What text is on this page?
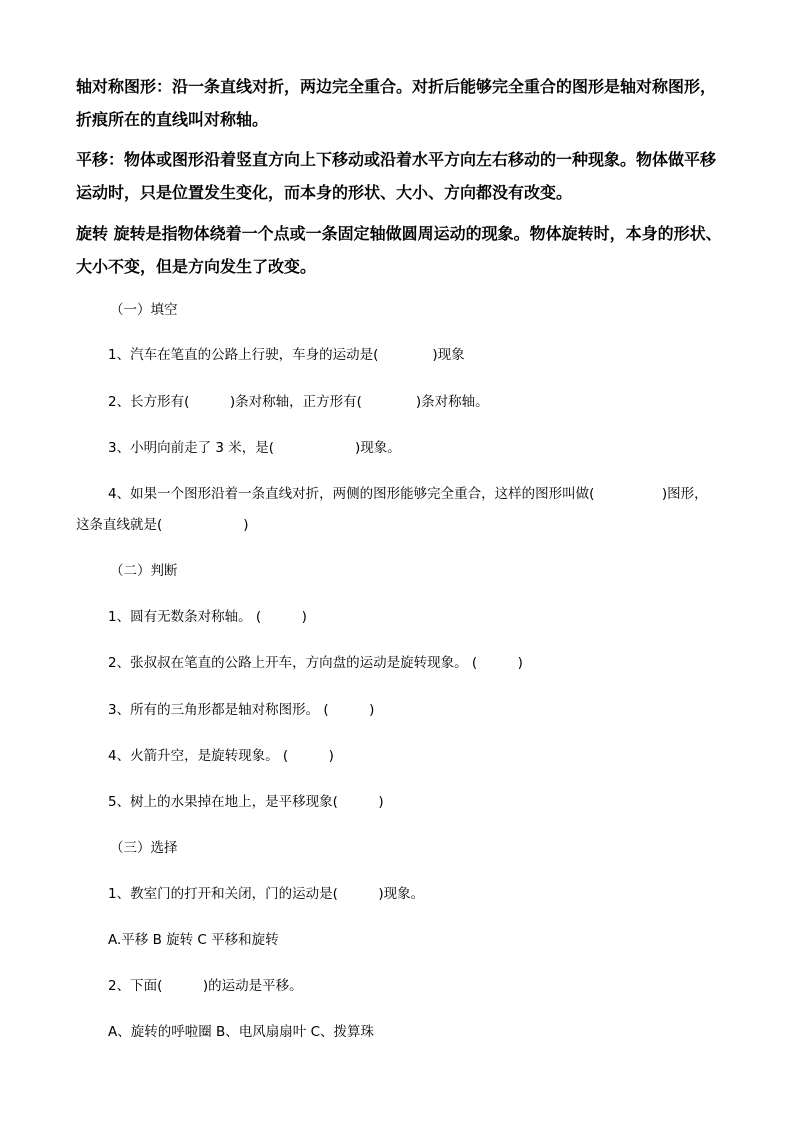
轴对称图形：沿一条直线对折，两边完全重合。对折后能够完全重合的图形是轴对称图形，折痕所在的直线叫对称轴。

平移：物体或图形沿着竖直方向上下移动或沿着水平方向左右移动的一种现象。物体做平移运动时，只是位置发生变化，而本身的形状、大小、方向都没有改变。

旋转 旋转是指物体绕着一个点或一条固定轴做圆周运动的现象。物体旋转时，本身的形状、大小不变，但是方向发生了改变。

（一）填空

1、汽车在笔直的公路上行驶，车身的运动是(　　　　)现象

2、长方形有(　　　)条对称轴，正方形有(　　　　)条对称轴。

3、小明向前走了 3 米，是(　　　　　　)现象。

4、如果一个图形沿着一条直线对折，两侧的图形能够完全重合，这样的图形叫做(　　　　　)图形，

这条直线就是(　　　　　　)

（二）判断

1、圆有无数条对称轴。 (　　　)

2、张叔叔在笔直的公路上开车，方向盘的运动是旋转现象。 (　　　)

3、所有的三角形都是轴对称图形。 (　　　)

4、火箭升空，是旋转现象。 (　　　)

5、树上的水果掉在地上，是平移现象(　　　)

（三）选择

1、教室门的打开和关闭，门的运动是(　　　)现象。

A.平移 B 旋转 C 平移和旋转

2、下面(　　　)的运动是平移。

A、旋转的呼啦圈 B、电风扇扇叶 C、拨算珠
